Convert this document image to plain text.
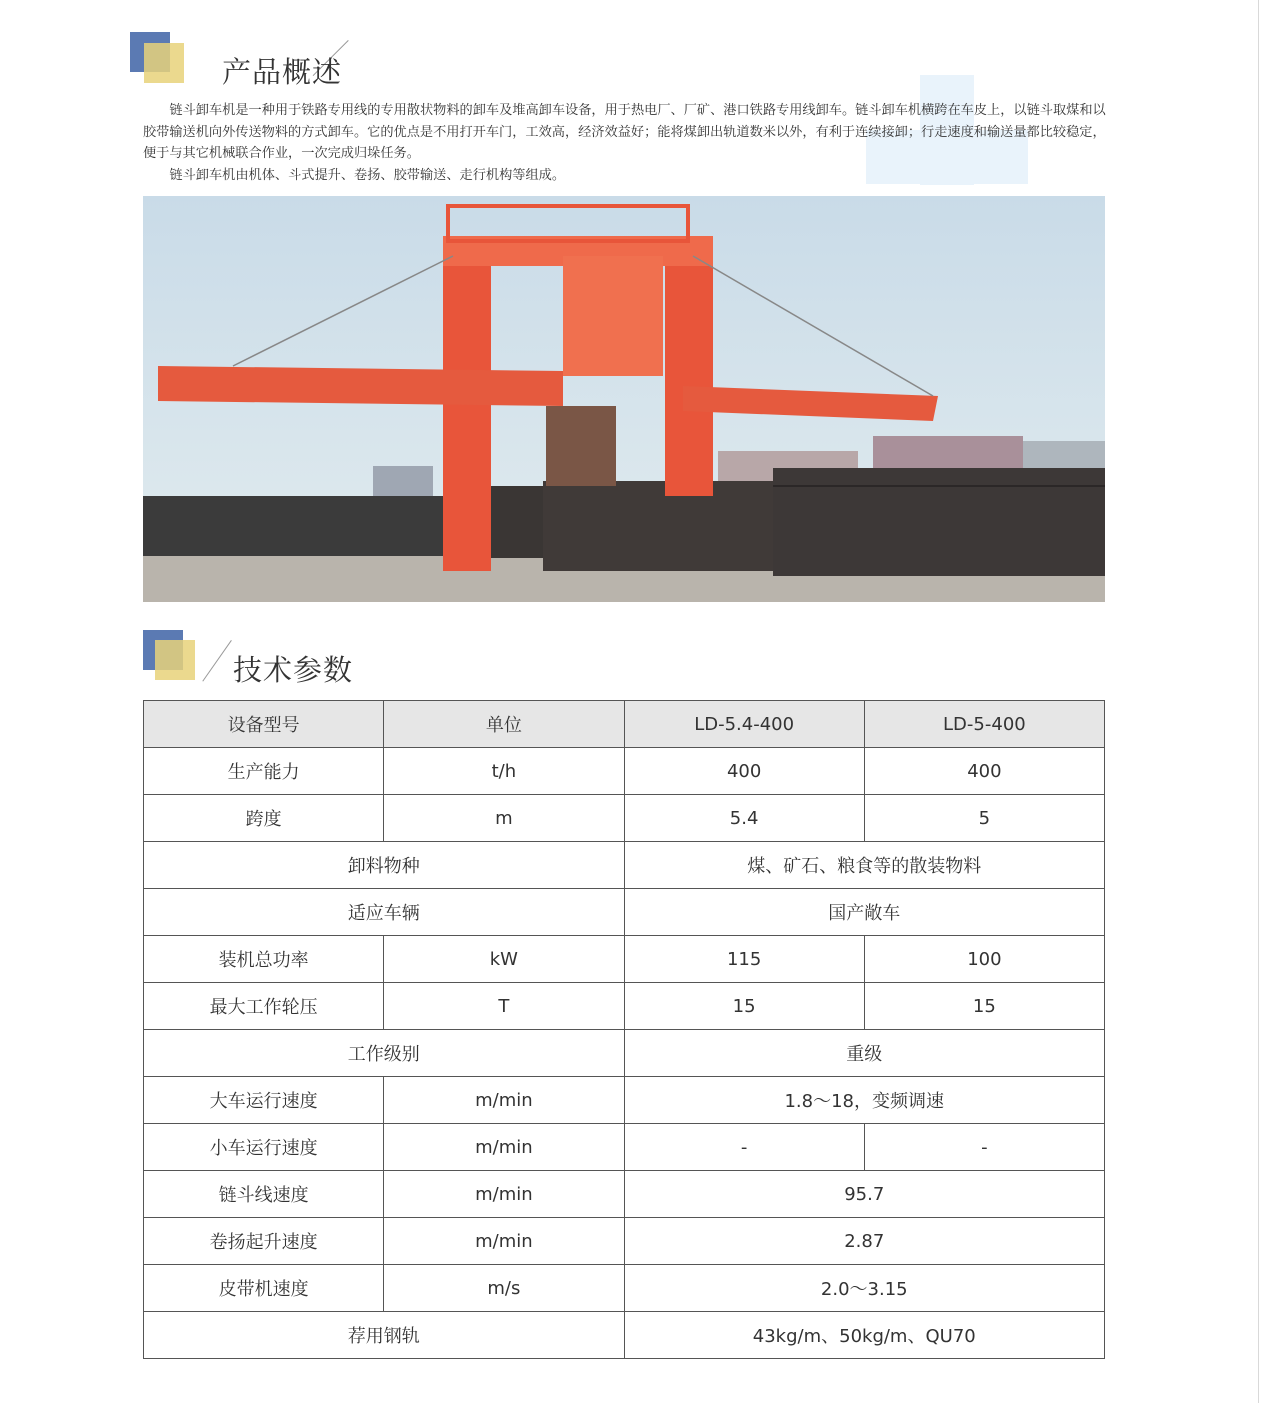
产品概述

链斗卸车机是一种用于铁路专用线的专用散状物料的卸车及堆高卸车设备，用于热电厂、厂矿、港口铁路专用线卸车。链斗卸车机横跨在车皮上，以链斗取煤和以胶带输送机向外传送物料的方式卸车。它的优点是不用打开车门，工效高，经济效益好；能将煤卸出轨道数米以外，有利于连续接卸；行走速度和输送量都比较稳定，便于与其它机械联合作业，一次完成归垛任务。

链斗卸车机由机体、斗式提升、卷扬、胶带输送、走行机构等组成。

技术参数
设备型号	单位	LD-5.4-400	LD-5-400
生产能力	t/h	400	400
跨度	m	5.4	5
卸料物种		煤、矿石、粮食等的散装物料	
适应车辆		国产敞车	
装机总功率	kW	115	100
最大工作轮压	T	15	15
工作级别		重级	
大车运行速度	m/min	1.8～18，变频调速	
小车运行速度	m/min	-	-
链斗线速度	m/min	95.7	
卷扬起升速度	m/min	2.87	
皮带机速度	m/s	2.0～3.15	
荐用钢轨		43kg/m、50kg/m、QU70	
